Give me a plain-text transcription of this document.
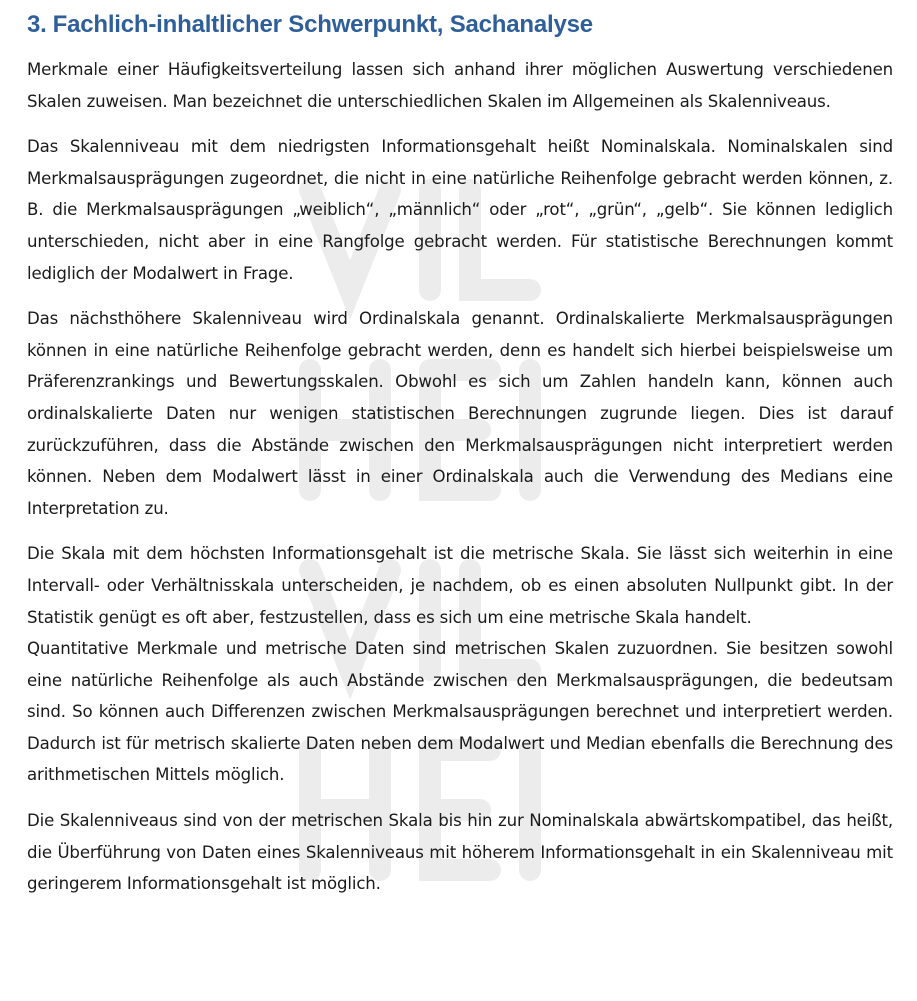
3. Fachlich-inhaltlicher Schwerpunkt, Sachanalyse

Merkmale einer Häufigkeitsverteilung lassen sich anhand ihrer möglichen Auswertung verschiedenen Skalen zuweisen. Man bezeichnet die unterschiedlichen Skalen im Allgemeinen als Skalenniveaus.

Das Skalenniveau mit dem niedrigsten Informationsgehalt heißt Nominalskala. Nominalskalen sind Merkmalsausprägungen zugeordnet, die nicht in eine natürliche Reihenfolge gebracht werden können, z. B. die Merkmalsausprägungen „weiblich“, „männlich“ oder „rot“, „grün“, „gelb“. Sie können lediglich unterschieden, nicht aber in eine Rangfolge gebracht werden. Für statistische Berechnungen kommt lediglich der Modalwert in Frage.

Das nächsthöhere Skalenniveau wird Ordinalskala genannt. Ordinalskalierte Merkmalsausprägungen können in eine natürliche Reihenfolge gebracht werden, denn es handelt sich hierbei beispielsweise um Präferenzrankings und Bewertungsskalen. Obwohl es sich um Zahlen handeln kann, können auch ordinalskalierte Daten nur wenigen statistischen Berechnungen zugrunde liegen. Dies ist darauf zurückzuführen, dass die Abstände zwischen den Merkmalsausprägungen nicht interpretiert werden können. Neben dem Modalwert lässt in einer Ordinalskala auch die Verwendung des Medians eine Interpretation zu.

Die Skala mit dem höchsten Informationsgehalt ist die metrische Skala. Sie lässt sich weiterhin in eine Intervall- oder Verhältnisskala unterscheiden, je nachdem, ob es einen absoluten Nullpunkt gibt. In der Statistik genügt es oft aber, festzustellen, dass es sich um eine metrische Skala handelt.

Quantitative Merkmale und metrische Daten sind metrischen Skalen zuzuordnen. Sie besitzen sowohl eine natürliche Reihenfolge als auch Abstände zwischen den Merkmalsausprägungen, die bedeutsam sind. So können auch Differenzen zwischen Merkmalsausprägungen berechnet und interpretiert werden. Dadurch ist für metrisch skalierte Daten neben dem Modalwert und Median ebenfalls die Berechnung des arithmetischen Mittels möglich.

Die Skalenniveaus sind von der metrischen Skala bis hin zur Nominalskala abwärtskompatibel, das heißt, die Überführung von Daten eines Skalenniveaus mit höherem Informationsgehalt in ein Skalenniveau mit geringerem Informationsgehalt ist möglich.
